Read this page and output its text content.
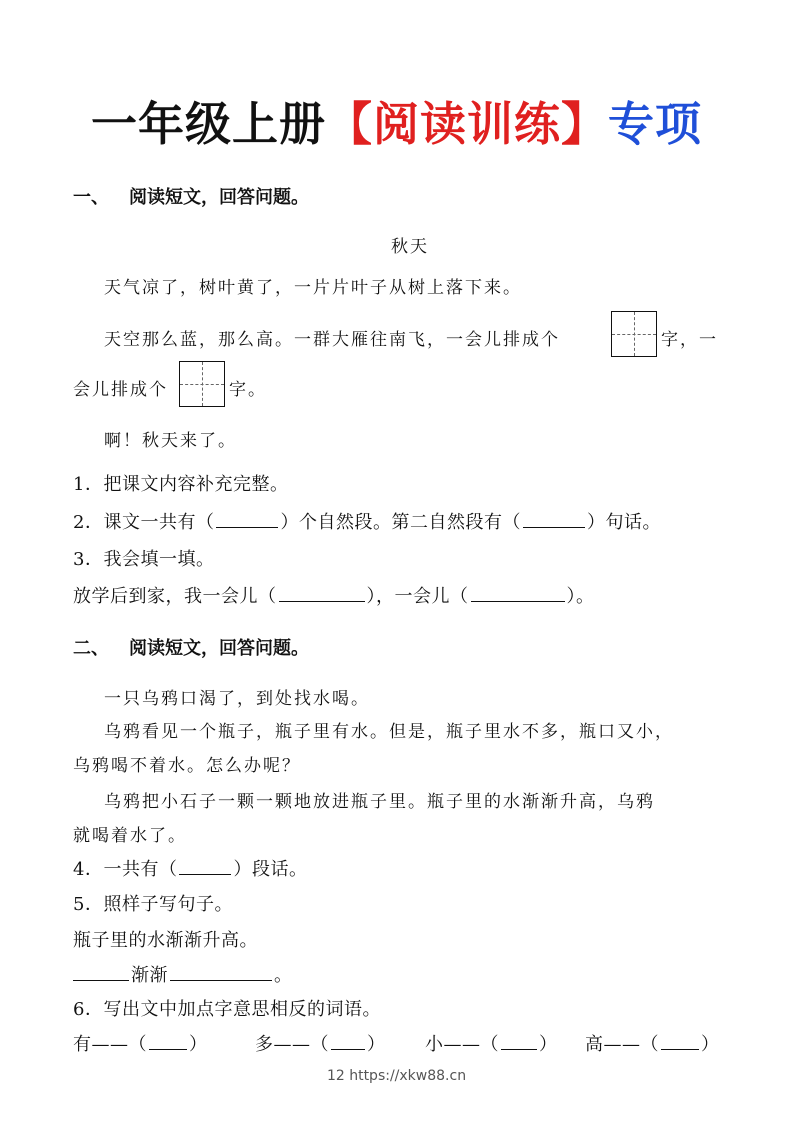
一年级上册【阅读训练】专项
一、 阅读短文，回答问题。
秋天
天气凉了，树叶黄了，一片片叶子从树上落下来。
天空那么蓝，那么高。一群大雁往南飞，一会儿排成个	字，一
会儿排成个	字。
啊！秋天来了。
1．把课文内容补充完整。
2．课文一共有（	）个自然段。第二自然段有（	）句话。
3．我会填一填。
放学后到家，我一会儿（	），一会儿（	）。
二、 阅读短文，回答问题。
一只乌鸦口渴了，到处找水喝。
乌鸦看见一个瓶子，瓶子里有水。但是，瓶子里水不多，瓶口又小，
乌鸦喝不着水。怎么办呢？
乌鸦把小石子一颗一颗地放进瓶子里。瓶子里的水渐渐升高，乌鸦
就喝着水了。
4．一共有（	）段话。
5．照样子写句子。
瓶子里的水渐渐升高。
渐渐	。
6．写出文中加点字意思相反的词语。
有——（ ）	多——（ ） 小——（ ） 高——（ ）
12 https://xkw88.cn
